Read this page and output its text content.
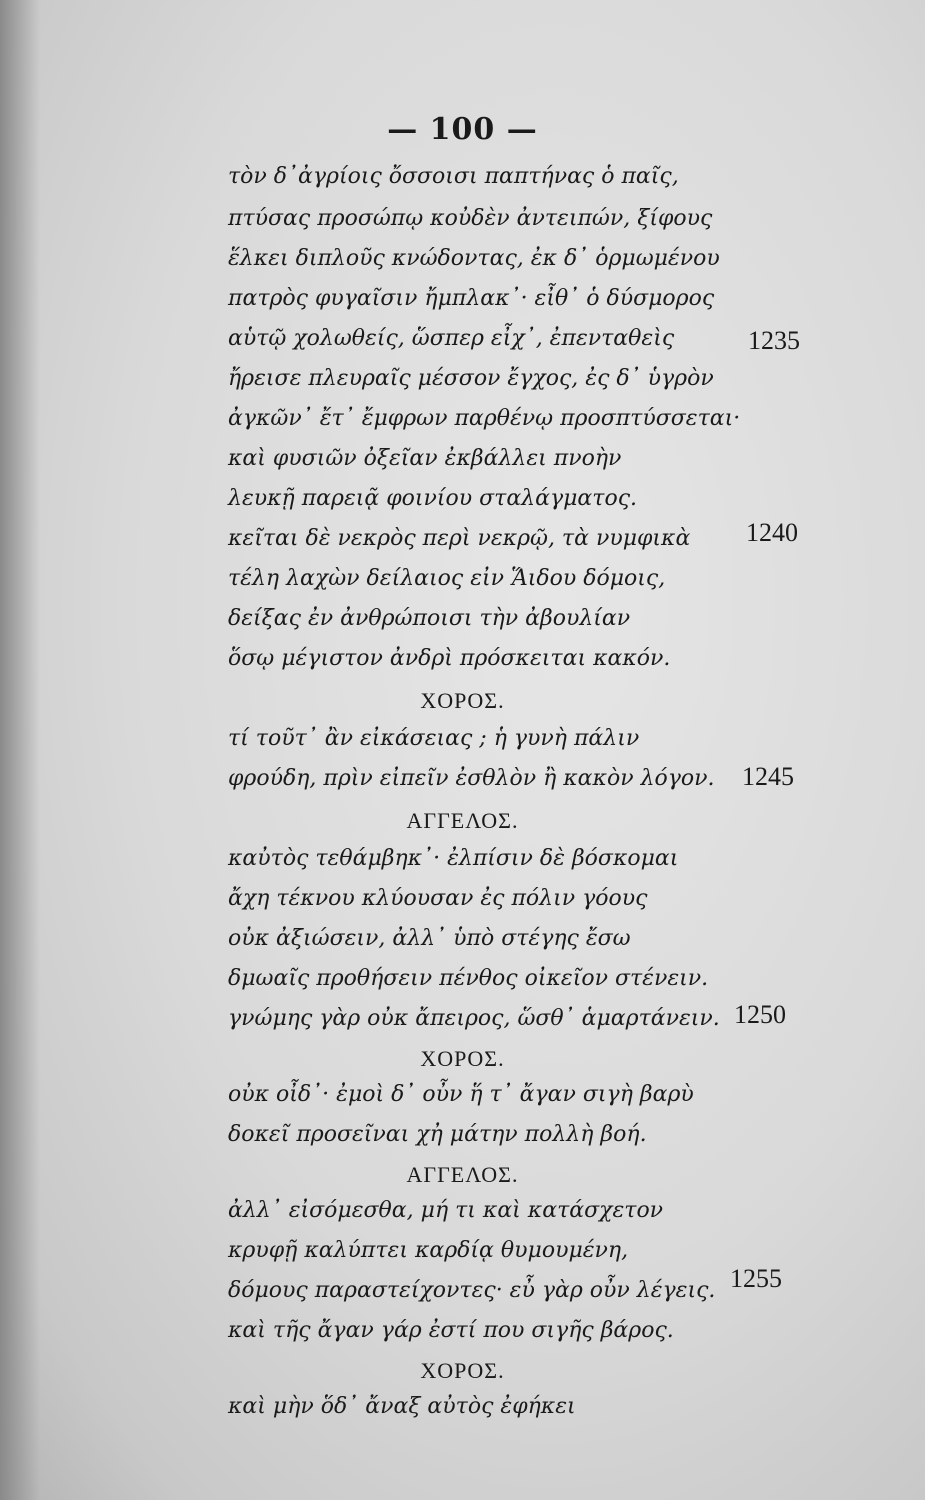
— 100 —
τὸν δ᾽ἀγρίοις ὄσσοισι παπτήνας ὁ παῖς,
πτύσας προσώπῳ κοὐδὲν ἀντειπών, ξίφους
ἕλκει διπλοῦς κνώδοντας, ἐκ δ᾽ ὁρμωμένου
πατρὸς φυγαῖσιν ἤμπλακ᾽· εἶθ᾽ ὁ δύσμορος
αὑτῷ χολωθείς, ὥσπερ εἶχ᾽, ἐπενταθεὶς
ἤρεισε πλευραῖς μέσσον ἔγχος, ἐς δ᾽ ὑγρὸν
ἀγκῶν᾽ ἔτ᾽ ἔμφρων παρθένῳ προσπτύσσεται·
καὶ φυσιῶν ὀξεῖαν ἐκβάλλει πνοὴν
λευκῇ παρειᾷ φοινίου σταλάγματος.
κεῖται δὲ νεκρὸς περὶ νεκρῷ, τὰ νυμφικὰ
τέλη λαχὼν δείλαιος εἰν Ἅιδου δόμοις,
δείξας ἐν ἀνθρώποισι τὴν ἀβουλίαν
ὅσῳ μέγιστον ἀνδρὶ πρόσκειται κακόν.
ΧΟΡΟΣ.
τί τοῦτ᾽ ἂν εἰκάσειας ; ἡ γυνὴ πάλιν
φρούδη, πρὶν εἰπεῖν ἐσθλὸν ἢ κακὸν λόγον.
ΑΓΓΕΛΟΣ.
καὐτὸς τεθάμβηκ᾽· ἐλπίσιν δὲ βόσκομαι
ἄχη τέκνου κλύουσαν ἐς πόλιν γόους
οὐκ ἀξιώσειν, ἀλλ᾽ ὑπὸ στέγης ἔσω
δμωαῖς προθήσειν πένθος οἰκεῖον στένειν.
γνώμης γὰρ οὐκ ἄπειρος, ὥσθ᾽ ἁμαρτάνειν.
ΧΟΡΟΣ.
οὐκ οἶδ᾽· ἐμοὶ δ᾽ οὖν ἥ τ᾽ ἄγαν σιγὴ βαρὺ
δοκεῖ προσεῖναι χἠ μάτην πολλὴ βοή.
ΑΓΓΕΛΟΣ.
ἀλλ᾽ εἰσόμεσθα, μή τι καὶ κατάσχετον
κρυφῇ καλύπτει καρδίᾳ θυμουμένη,
δόμους παραστείχοντες· εὖ γὰρ οὖν λέγεις.
καὶ τῆς ἄγαν γάρ ἐστί που σιγῆς βάρος.
ΧΟΡΟΣ.
καὶ μὴν ὅδ᾽ ἄναξ αὐτὸς ἐφήκει
1235
1240
1245
1250
1255
